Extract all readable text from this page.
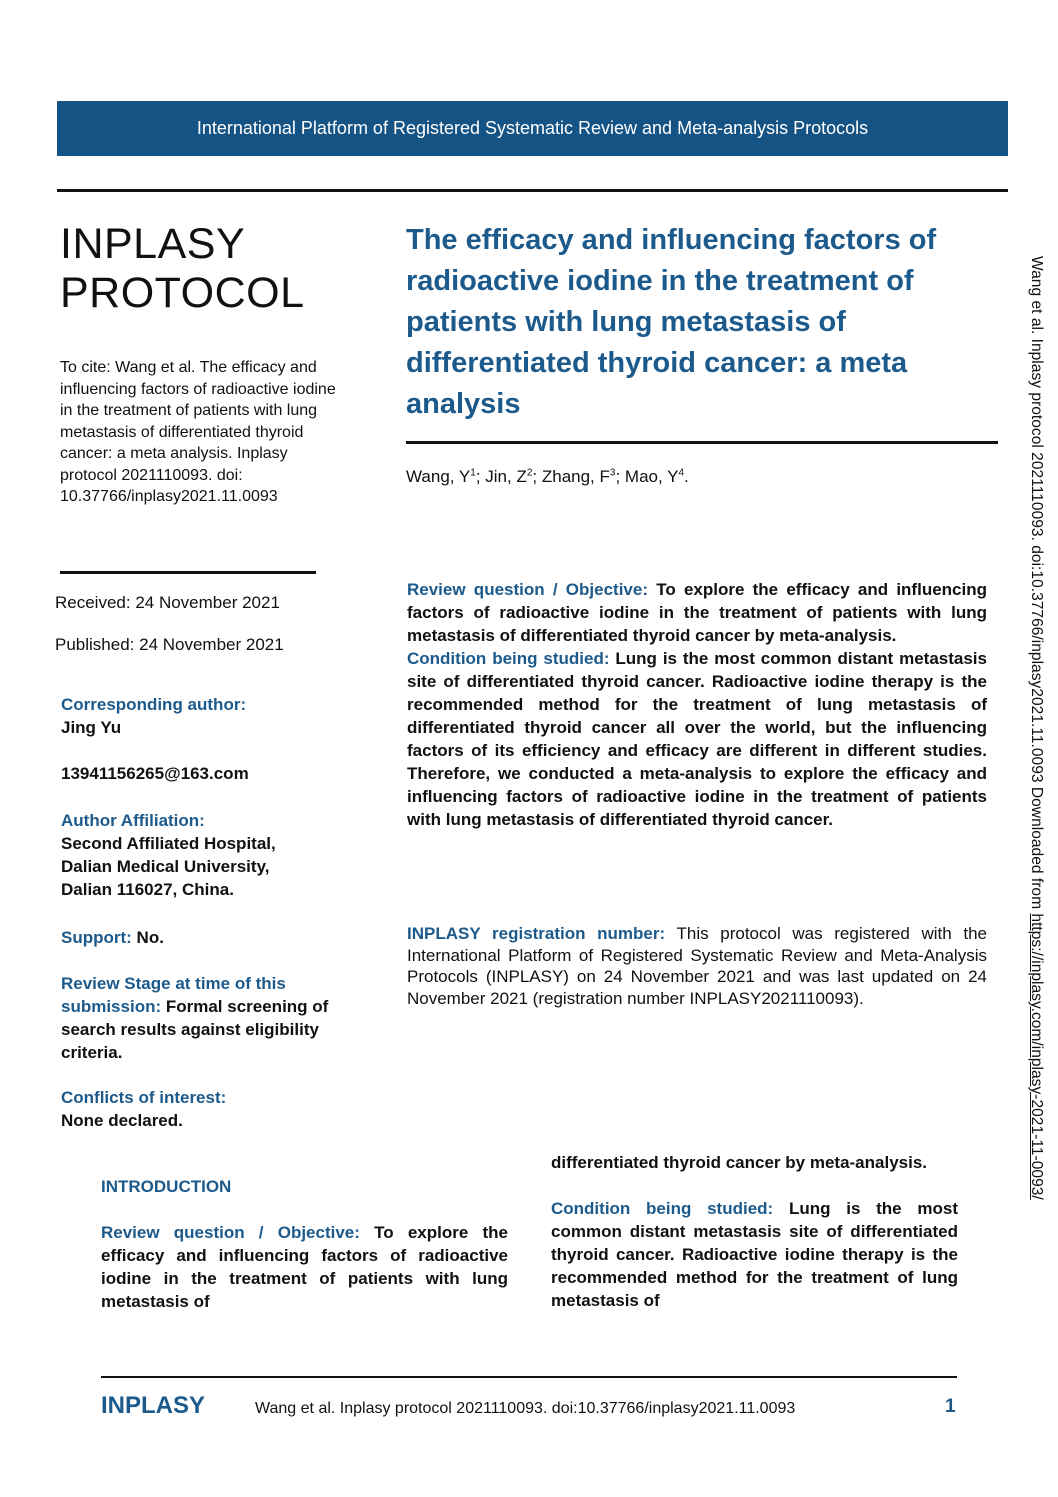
International Platform of Registered Systematic Review and Meta-analysis Protocols
INPLASY
PROTOCOL
To cite: Wang et al. The efficacy and influencing factors of radioactive iodine in the treatment of patients with lung metastasis of differentiated thyroid cancer: a meta analysis. Inplasy protocol 2021110093. doi: 10.37766/inplasy2021.11.0093
Received: 24 November 2021
Published: 24 November 2021
Corresponding author:
Jing Yu
13941156265@163.com
Author Affiliation:
Second Affiliated Hospital, Dalian Medical University, Dalian 116027, China.
Support: No.
Review Stage at time of this submission: Formal screening of search results against eligibility criteria.
Conflicts of interest:
None declared.
The efficacy and influencing factors of radioactive iodine in the treatment of patients with lung metastasis of differentiated thyroid cancer: a meta analysis
Wang, $Y^1$; Jin, $Z^2$; Zhang, $F^3$; Mao, $Y^4$.
Review question / Objective: To explore the efficacy and influencing factors of radioactive iodine in the treatment of patients with lung metastasis of differentiated thyroid cancer by meta-analysis.
Condition being studied: Lung is the most common distant metastasis site of differentiated thyroid cancer. Radioactive iodine therapy is the recommended method for the treatment of lung metastasis of differentiated thyroid cancer all over the world, but the influencing factors of its efficiency and efficacy are different in different studies. Therefore, we conducted a meta-analysis to explore the efficacy and influencing factors of radioactive iodine in the treatment of patients with lung metastasis of differentiated thyroid cancer.
INPLASY registration number: This protocol was registered with the International Platform of Registered Systematic Review and Meta-Analysis Protocols (INPLASY) on 24 November 2021 and was last updated on 24 November 2021 (registration number INPLASY2021110093).
INTRODUCTION
Review question / Objective: To explore the efficacy and influencing factors of radioactive iodine in the treatment of patients with lung metastasis of
differentiated thyroid cancer by meta-analysis.
Condition being studied: Lung is the most common distant metastasis site of differentiated thyroid cancer. Radioactive iodine therapy is the recommended method for the treatment of lung metastasis of
INPLASY	Wang et al. Inplasy protocol 2021110093. doi:10.37766/inplasy2021.11.0093	1
Wang et al. Inplasy protocol 2021110093. doi:10.37766/inplasy2021.11.0093 Downloaded from https://inplasy.com/inplasy-2021-11-0093/
